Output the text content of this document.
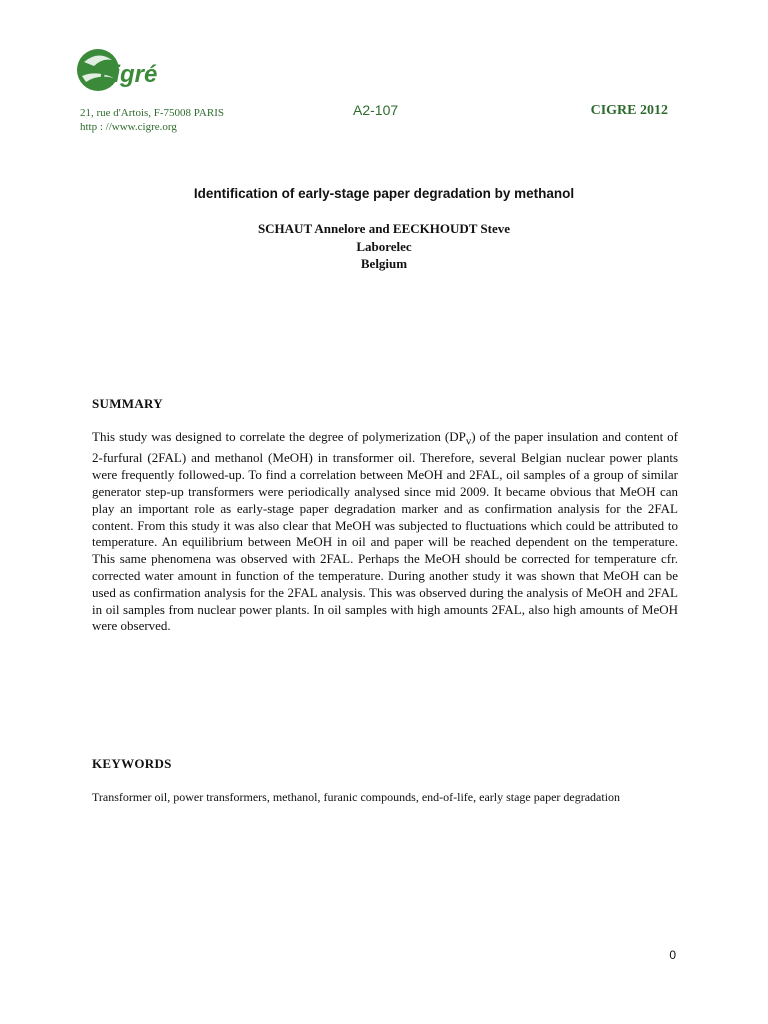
cigré
21, rue d'Artois, F-75008 PARIS
http : //www.cigre.org
A2-107	CIGRE 2012
Identification of early-stage paper degradation by methanol
SCHAUT Annelore and EECKHOUDT Steve
Laborelec
Belgium
SUMMARY

This study was designed to correlate the degree of polymerization $(DP_v)$ of the paper insulation and content of 2-furfural (2FAL) and methanol (MeOH) in transformer oil. Therefore, several Belgian nuclear power plants were frequently followed-up. To find a correlation between MeOH and 2FAL, oil samples of a group of similar generator step-up transformers were periodically analysed since mid 2009. It became obvious that MeOH can play an important role as early-stage paper degradation marker and as confirmation analysis for the 2FAL content. From this study it was also clear that MeOH was subjected to fluctuations which could be attributed to temperature. An equilibrium between MeOH in oil and paper will be reached dependent on the temperature. This same phenomena was observed with 2FAL. Perhaps the MeOH should be corrected for temperature cfr. corrected water amount in function of the temperature. During another study it was shown that MeOH can be used as confirmation analysis for the 2FAL analysis. This was observed during the analysis of MeOH and 2FAL in oil samples from nuclear power plants. In oil samples with high amounts 2FAL, also high amounts of MeOH were observed.

KEYWORDS

Transformer oil, power transformers, methanol, furanic compounds, end-of-life, early stage paper degradation

0
